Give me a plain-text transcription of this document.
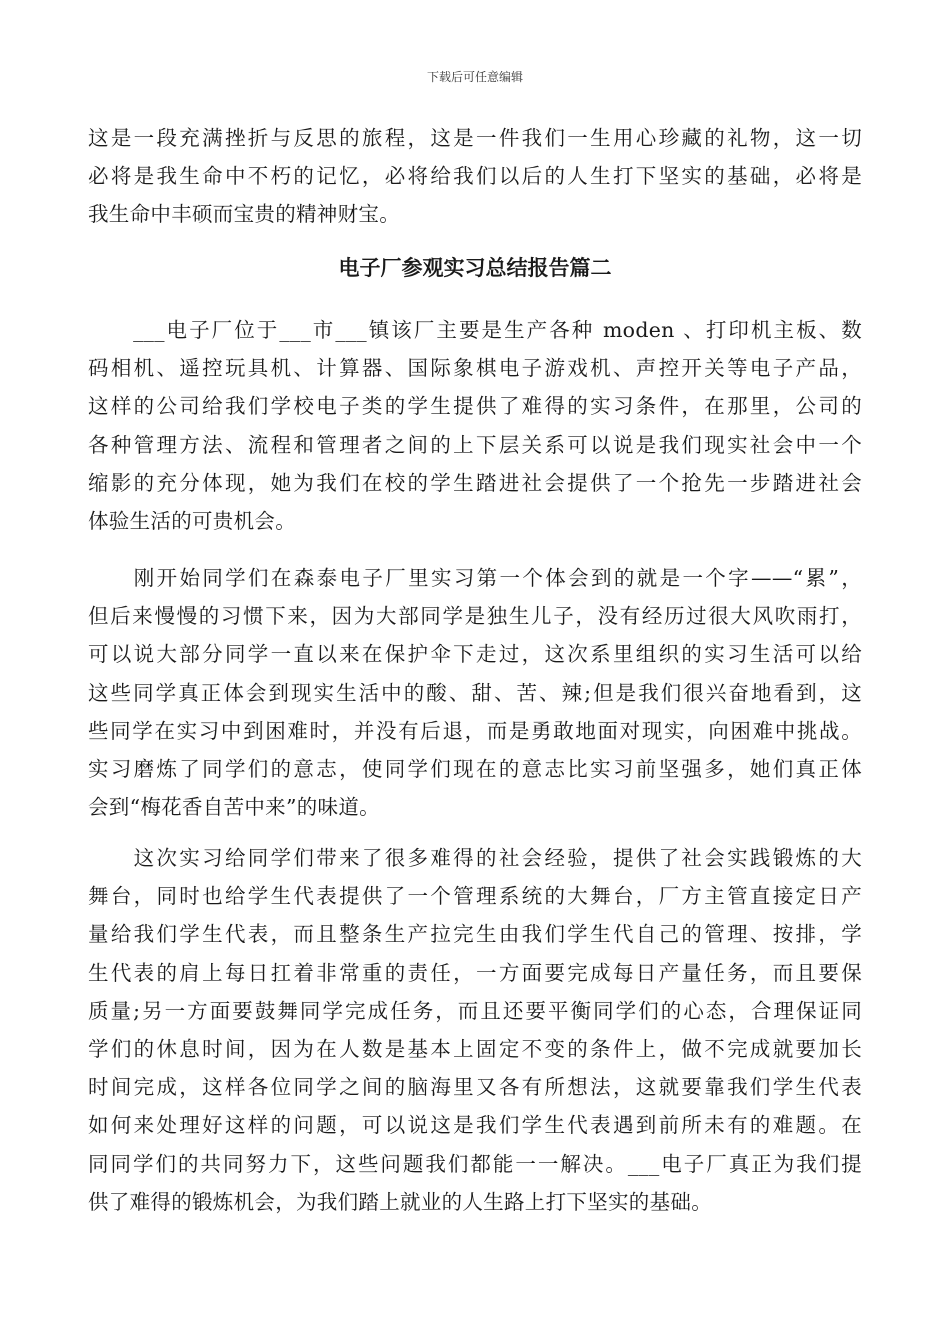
下载后可任意编辑
这是一段充满挫折与反思的旅程，这是一件我们一生用心珍藏的礼物，这一切
必将是我生命中不朽的记忆，必将给我们以后的人生打下坚实的基础，必将是
我生命中丰硕而宝贵的精神财宝。
电子厂参观实习总结报告篇二
　　___电子厂位于___市___镇该厂主要是生产各种 moden 、打印机主板、数
码相机、遥控玩具机、计算器、国际象棋电子游戏机、声控开关等电子产品，
这样的公司给我们学校电子类的学生提供了难得的实习条件，在那里，公司的
各种管理方法、流程和管理者之间的上下层关系可以说是我们现实社会中一个
缩影的充分体现，她为我们在校的学生踏进社会提供了一个抢先一步踏进社会
体验生活的可贵机会。
　　刚开始同学们在森泰电子厂里实习第一个体会到的就是一个字——“累”，
但后来慢慢的习惯下来，因为大部同学是独生儿子，没有经历过很大风吹雨打，
可以说大部分同学一直以来在保护伞下走过，这次系里组织的实习生活可以给
这些同学真正体会到现实生活中的酸、甜、苦、辣;但是我们很兴奋地看到，这
些同学在实习中到困难时，并没有后退，而是勇敢地面对现实，向困难中挑战。
实习磨炼了同学们的意志，使同学们现在的意志比实习前坚强多，她们真正体
会到“梅花香自苦中来”的味道。
　　这次实习给同学们带来了很多难得的社会经验，提供了社会实践锻炼的大
舞台，同时也给学生代表提供了一个管理系统的大舞台，厂方主管直接定日产
量给我们学生代表，而且整条生产拉完生由我们学生代自己的管理、按排，学
生代表的肩上每日扛着非常重的责任，一方面要完成每日产量任务，而且要保
质量;另一方面要鼓舞同学完成任务，而且还要平衡同学们的心态，合理保证同
学们的休息时间，因为在人数是基本上固定不变的条件上，做不完成就要加长
时间完成，这样各位同学之间的脑海里又各有所想法，这就要靠我们学生代表
如何来处理好这样的问题，可以说这是我们学生代表遇到前所未有的难题。在
同同学们的共同努力下，这些问题我们都能一一解决。___电子厂真正为我们提
供了难得的锻炼机会，为我们踏上就业的人生路上打下坚实的基础。
